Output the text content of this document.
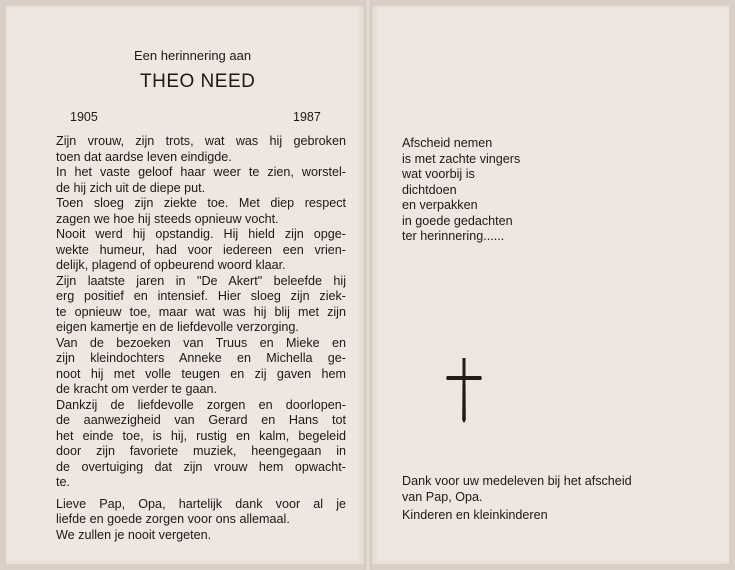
Een herinnering aan
THEO NEED
1905	1987
Zijn vrouw, zijn trots, wat was hij gebroken
toen dat aardse leven eindigde.
In het vaste geloof haar weer te zien, worstel-
de hij zich uit de diepe put.
Toen sloeg zijn ziekte toe. Met diep respect
zagen we hoe hij steeds opnieuw vocht.
Nooit werd hij opstandig. Hij hield zijn opge-
wekte humeur, had voor iedereen een vrien-
delijk, plagend of opbeurend woord klaar.
Zijn laatste jaren in "De Akert" beleefde hij
erg positief en intensief. Hier sloeg zijn ziek-
te opnieuw toe, maar wat was hij blij met zijn
eigen kamertje en de liefdevolle verzorging.
Van de bezoeken van Truus en Mieke en
zijn kleindochters Anneke en Michella ge-
noot hij met volle teugen en zij gaven hem
de kracht om verder te gaan.
Dankzij de liefdevolle zorgen en doorlopen-
de aanwezigheid van Gerard en Hans tot
het einde toe, is hij, rustig en kalm, begeleid
door zijn favoriete muziek, heengegaan in
de overtuiging dat zijn vrouw hem opwacht-
te.
Lieve Pap, Opa, hartelijk dank voor al je
liefde en goede zorgen voor ons allemaal.
We zullen je nooit vergeten.
Afscheid nemen
is met zachte vingers
wat voorbij is
dichtdoen
en verpakken
in goede gedachten
ter herinnering......
Dank voor uw medeleven bij het afscheid
van Pap, Opa.
Kinderen en kleinkinderen
